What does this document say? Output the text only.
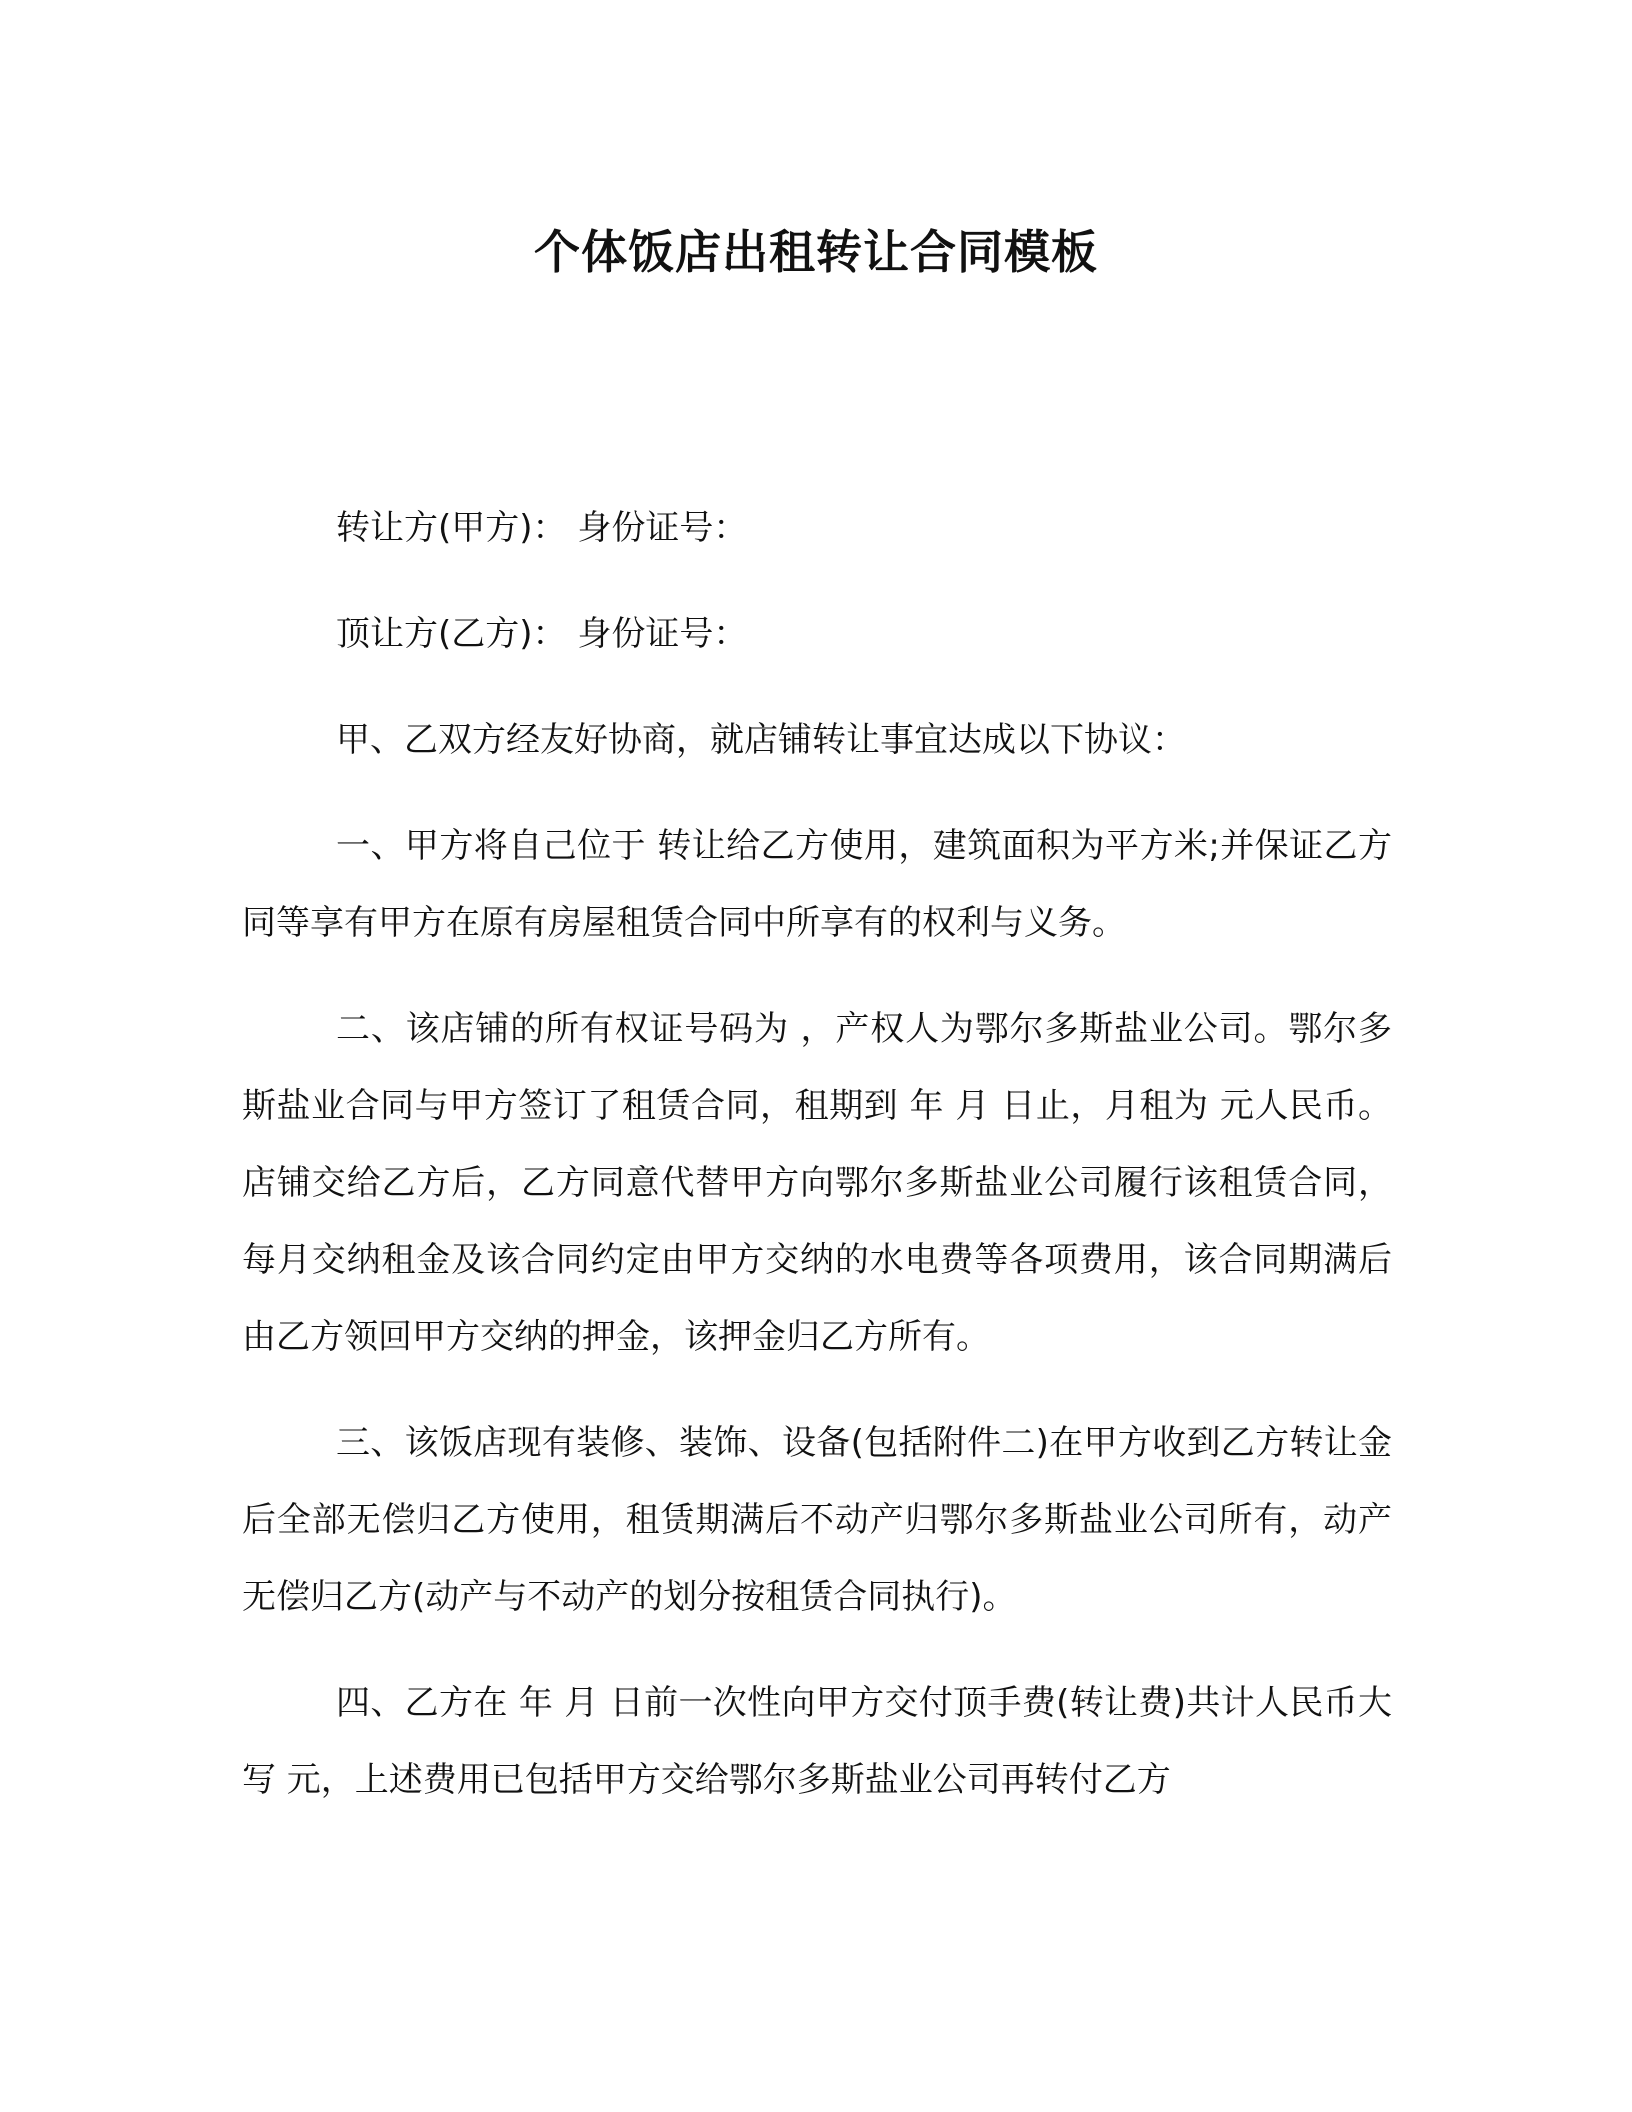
个体饭店出租转让合同模板
转让方(甲方)： 身份证号：
顶让方(乙方)： 身份证号：

甲、乙双方经友好协商，就店铺转让事宜达成以下协议：

一、甲方将自己位于 转让给乙方使用，建筑面积为平方米;并保证乙方同等享有甲方在原有房屋租赁合同中所享有的权利与义务。

二、该店铺的所有权证号码为 ，产权人为鄂尔多斯盐业公司。鄂尔多斯盐业合同与甲方签订了租赁合同，租期到 年 月 日止，月租为 元人民币。店铺交给乙方后，乙方同意代替甲方向鄂尔多斯盐业公司履行该租赁合同，每月交纳租金及该合同约定由甲方交纳的水电费等各项费用，该合同期满后由乙方领回甲方交纳的押金，该押金归乙方所有。

三、该饭店现有装修、装饰、设备(包括附件二)在甲方收到乙方转让金后全部无偿归乙方使用，租赁期满后不动产归鄂尔多斯盐业公司所有，动产无偿归乙方(动产与不动产的划分按租赁合同执行)。

四、乙方在 年 月 日前一次性向甲方交付顶手费(转让费)共计人民币大写 元，上述费用已包括甲方交给鄂尔多斯盐业公司再转付乙方
